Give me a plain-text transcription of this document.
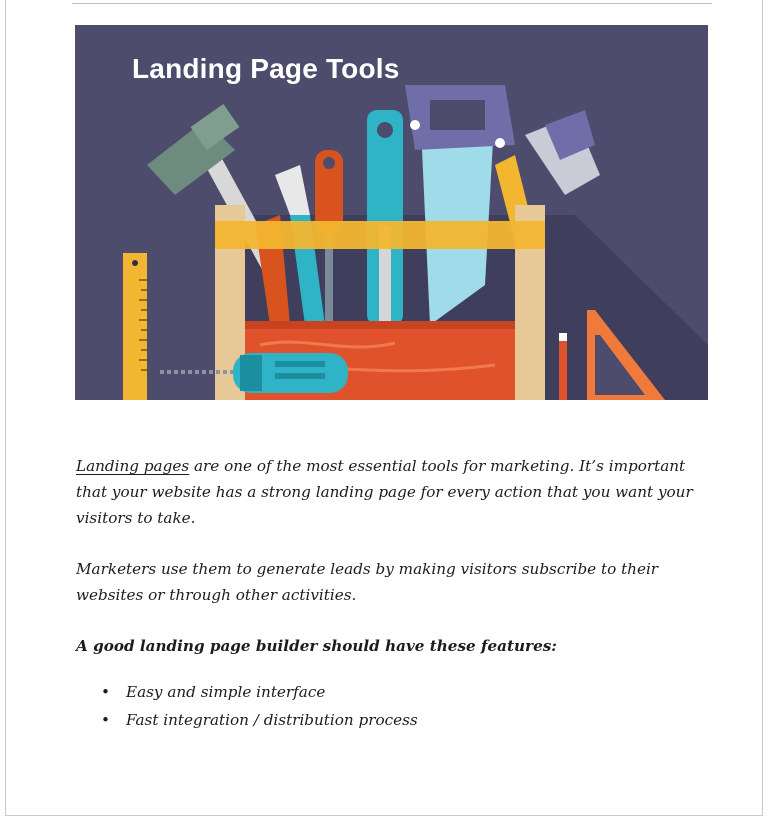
Landing Page Tools

Landing pages are one of the most essential tools for marketing. It’s important that your website has a strong landing page for every action that you want your visitors to take.

Marketers use them to generate leads by making visitors subscribe to their websites or through other activities.

A good landing page builder should have these features:

• Easy and simple interface
• Fast integration / distribution process
